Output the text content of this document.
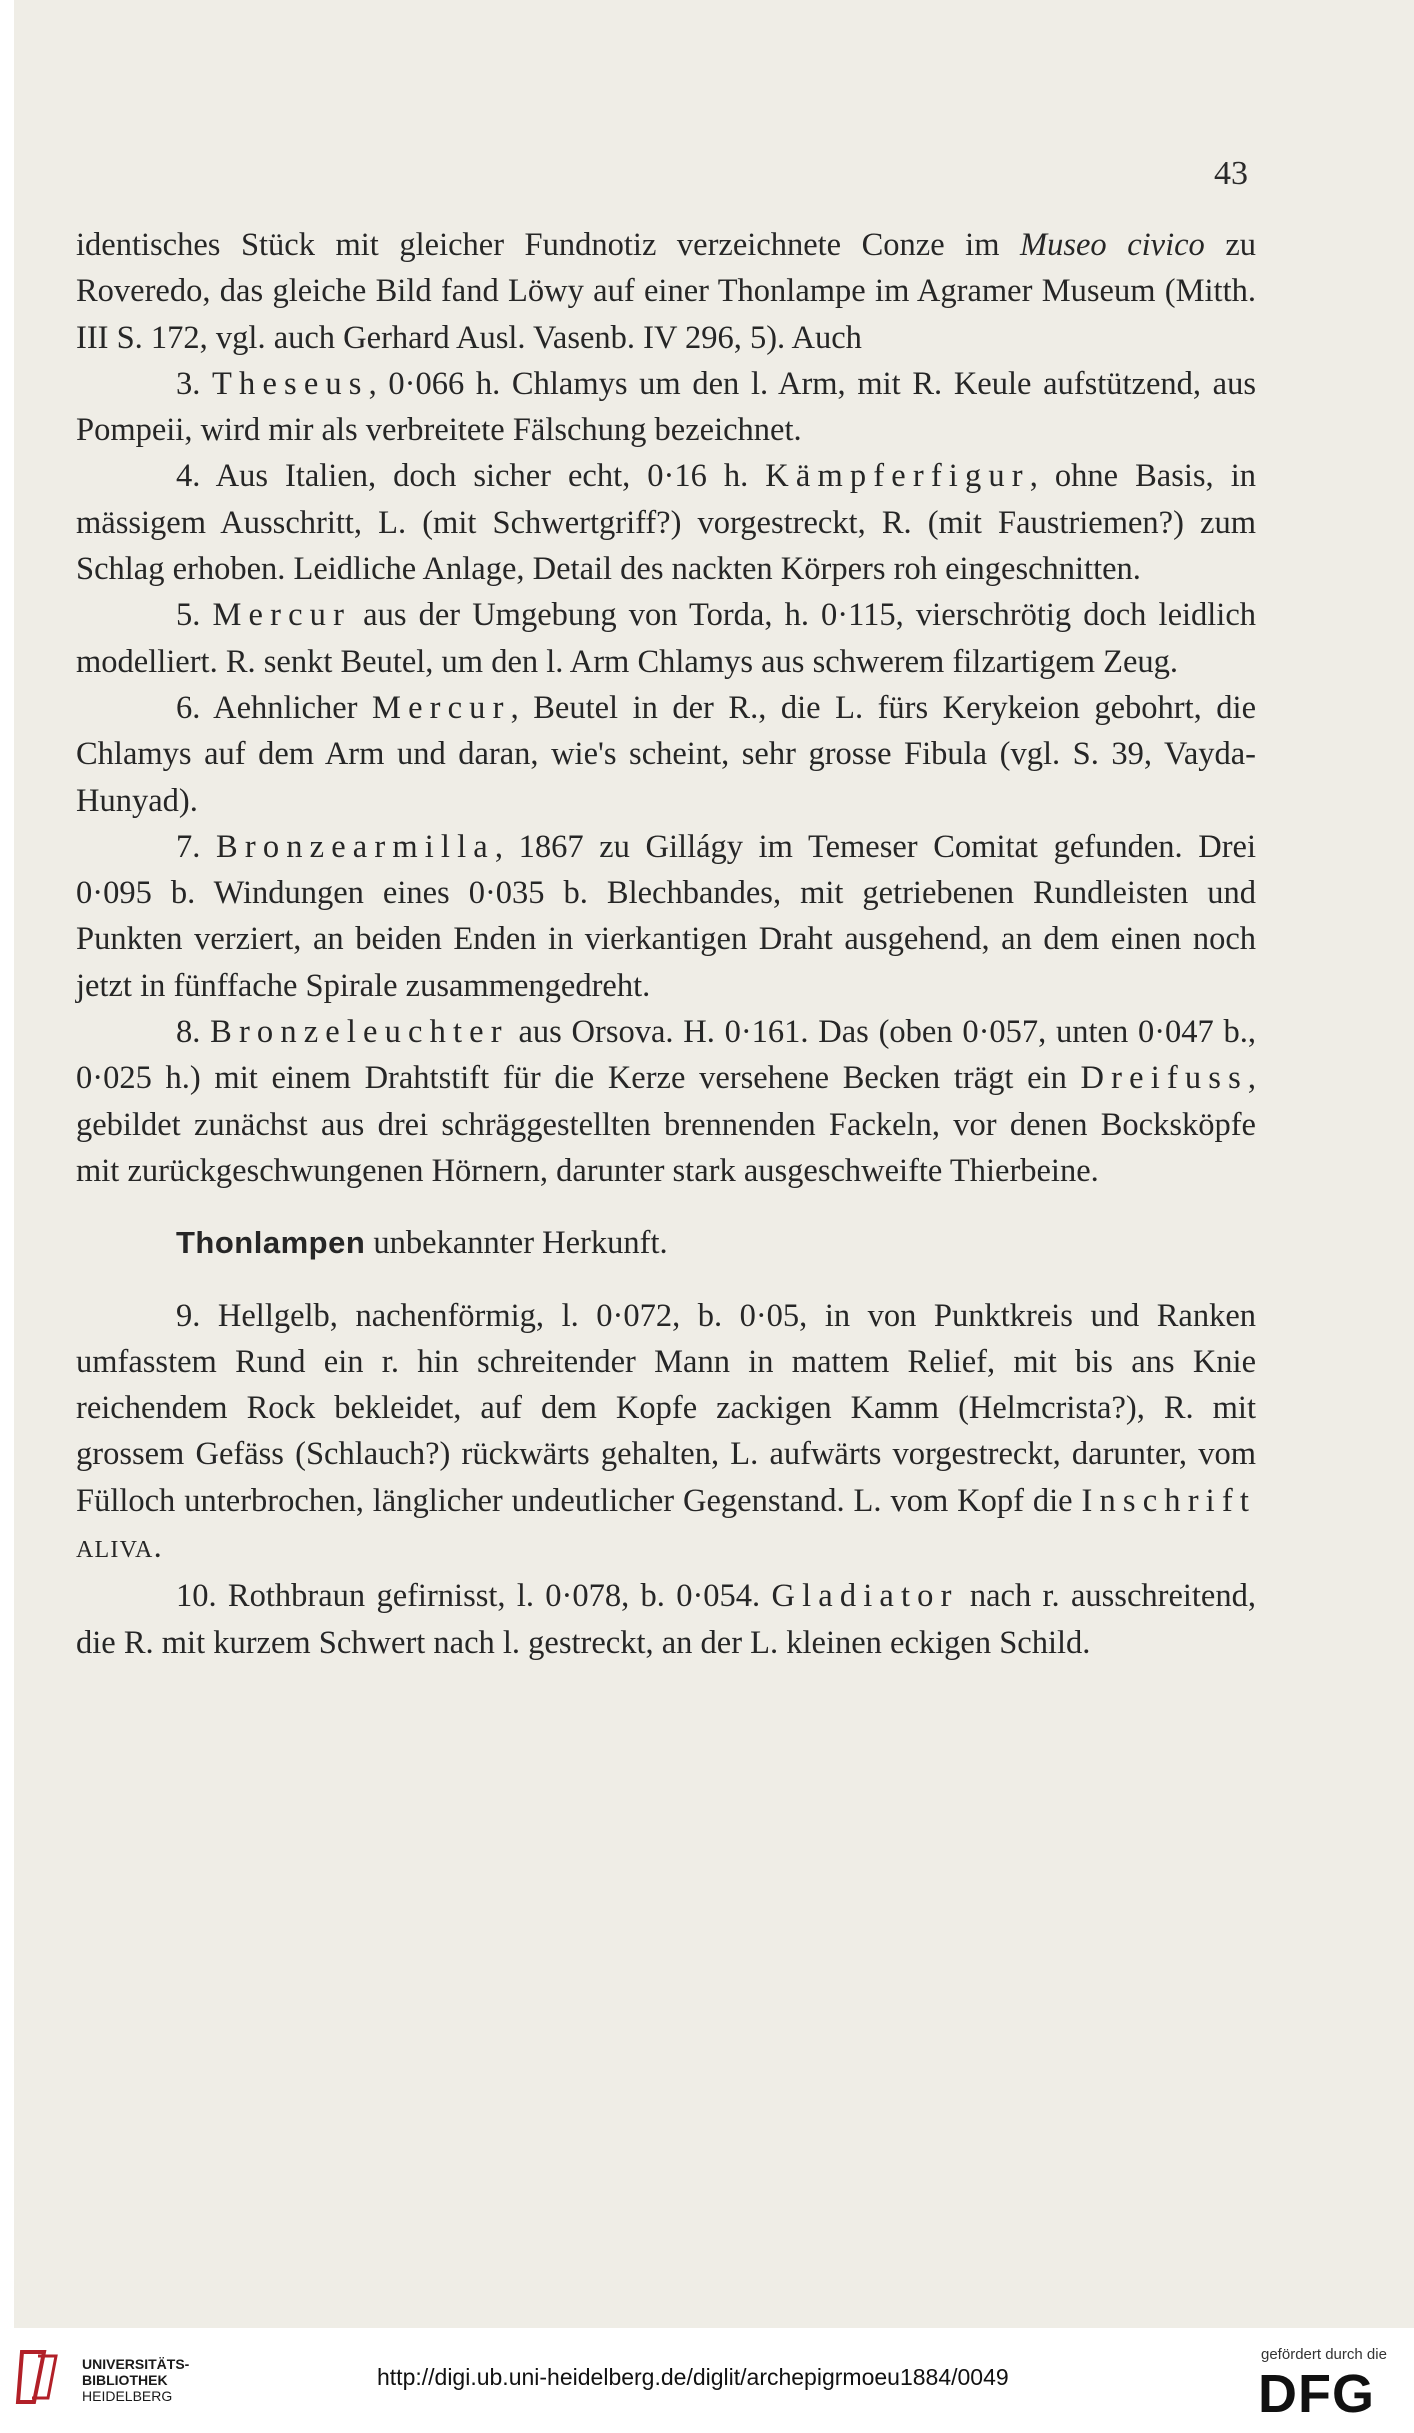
43

identisches Stück mit gleicher Fundnotiz verzeichnete Conze im Museo civico zu Roveredo, das gleiche Bild fand Löwy auf einer Thonlampe im Agramer Museum (Mitth. III S. 172, vgl. auch Gerhard Ausl. Vasenb. IV 296, 5). Auch

3. Theseus, 0·066 h. Chlamys um den l. Arm, mit R. Keule aufstützend, aus Pompeii, wird mir als verbreitete Fälschung bezeichnet.

4. Aus Italien, doch sicher echt, 0·16 h. Kämpferfigur, ohne Basis, in mässigem Ausschritt, L. (mit Schwertgriff?) vorgestreckt, R. (mit Faustriemen?) zum Schlag erhoben. Leidliche Anlage, Detail des nackten Körpers roh eingeschnitten.

5. Mercur aus der Umgebung von Torda, h. 0·115, vierschrötig doch leidlich modelliert. R. senkt Beutel, um den l. Arm Chlamys aus schwerem filzartigem Zeug.

6. Aehnlicher Mercur, Beutel in der R., die L. fürs Kerykeion gebohrt, die Chlamys auf dem Arm und daran, wie's scheint, sehr grosse Fibula (vgl. S. 39, Vayda-Hunyad).

7. Bronzearmilla, 1867 zu Gillágy im Temeser Comitat gefunden. Drei 0·095 b. Windungen eines 0·035 b. Blechbandes, mit getriebenen Rundleisten und Punkten verziert, an beiden Enden in vierkantigen Draht ausgehend, an dem einen noch jetzt in fünffache Spirale zusammengedreht.

8. Bronzeleuchter aus Orsova. H. 0·161. Das (oben 0·057, unten 0·047 b., 0·025 h.) mit einem Drahtstift für die Kerze versehene Becken trägt ein Dreifuss, gebildet zunächst aus drei schräggestellten brennenden Fackeln, vor denen Bocksköpfe mit zurückgeschwungenen Hörnern, darunter stark ausgeschweifte Thierbeine.

Thonlampen unbekannter Herkunft.

9. Hellgelb, nachenförmig, l. 0·072, b. 0·05, in von Punktkreis und Ranken umfasstem Rund ein r. hin schreitender Mann in mattem Relief, mit bis ans Knie reichendem Rock bekleidet, auf dem Kopfe zackigen Kamm (Helmcrista?), R. mit grossem Gefäss (Schlauch?) rückwärts gehalten, L. aufwärts vorgestreckt, darunter, vom Fülloch unterbrochen, länglicher undeutlicher Gegenstand. L. vom Kopf die Inschrift ALIVA.

10. Rothbraun gefirnisst, l. 0·078, b. 0·054. Gladiator nach r. ausschreitend, die R. mit kurzem Schwert nach l. gestreckt, an der L. kleinen eckigen Schild.

UNIVERSITÄTS-
BIBLIOTHEK
HEIDELBERG
http://digi.ub.uni-heidelberg.de/diglit/archepigrmoeu1884/0049
gefördert durch die
DFG
